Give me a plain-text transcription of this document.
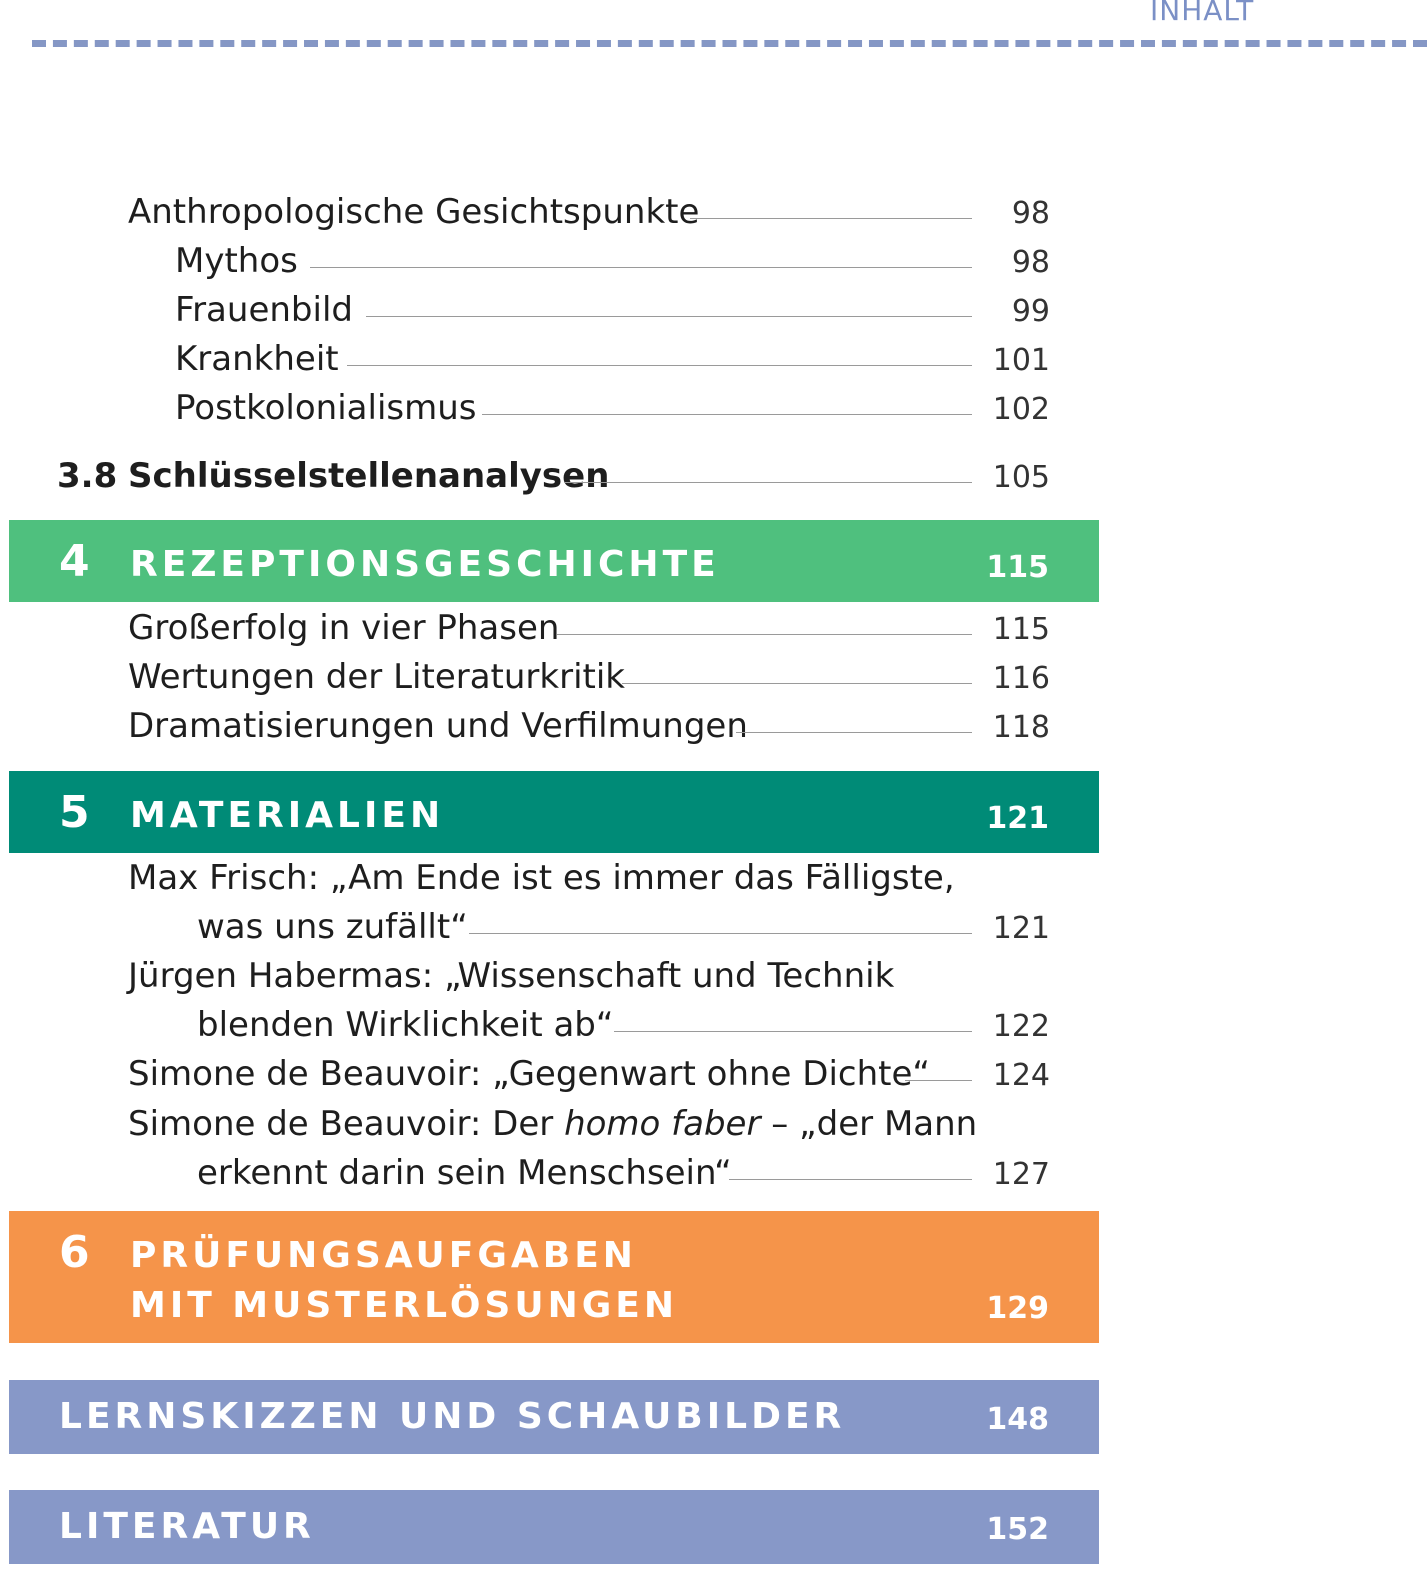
INHALT
Anthropologische Gesichtspunkte	98
Mythos	98
Frauenbild	99
Krankheit	101
Postkolonialismus	102
3.8 Schlüsselstellenanalysen	105
4 REZEPTIONSGESCHICHTE	115
Großerfolg in vier Phasen	115
Wertungen der Literaturkritik	116
Dramatisierungen und Verfilmungen	118
5 MATERIALIEN	121
Max Frisch: „Am Ende ist es immer das Fälligste,
was uns zufällt“	121
Jürgen Habermas: „Wissenschaft und Technik
blenden Wirklichkeit ab“	122
Simone de Beauvoir: „Gegenwart ohne Dichte“	124
Simone de Beauvoir: Der homo faber – „der Mann
erkennt darin sein Menschsein“	127
6 PRÜFUNGSAUFGABEN
MIT MUSTERLÖSUNGEN	129
LERNSKIZZEN UND SCHAUBILDER	148
LITERATUR	152
